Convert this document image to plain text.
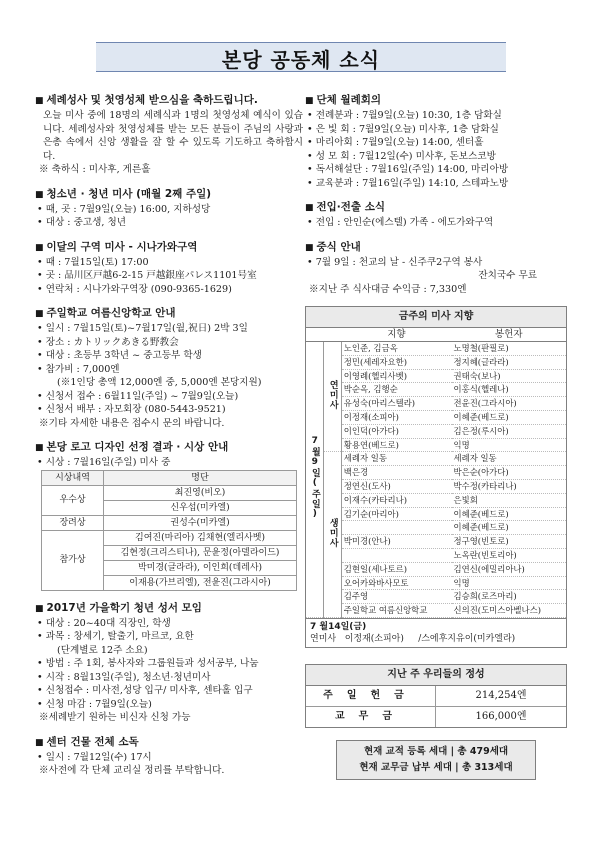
본당 공동체 소식
■ 세례성사 및 첫영성체 받으심을 축하드립니다.
오늘 미사 중에 18명의 세례식과 1명의 첫영성체 예식이 있습니다. 세례성사와 첫영성체를 받는 모든 분들이 주님의 사랑과 은총 속에서 신앙 생활을 잘 할 수 있도록 기도하고 축하합시다.
※ 축하식 : 미사후, 게른홀
■ 청소년 · 청년 미사 (매월 2째 주일)
• 때, 곳 : 7월9일(오늘) 16:00, 지하성당
• 대상 : 중고생, 청년
■ 이달의 구역 미사 - 시나가와구역
• 때 : 7월15일(토) 17:00
• 곳 : 品川区戸越6-2-15 戸越銀座パレス1101号室
• 연락처 : 시나가와구역장 (090-9365-1629)
■ 주일학교 여름신앙학교 안내
• 일시 : 7월15일(토)~7월17일(월,祝日) 2박 3일
• 장소 : カトリックあきる野教会
• 대상 : 초등부 3학년 ~ 중고등부 학생
• 참가비 : 7,000엔
(※1인당 총액 12,000엔 중, 5,000엔 본당지원)
• 신청서 접수 : 6월11일(주일) ~ 7월9일(오늘)
• 신청서 배부 : 자모회장 (080-5443-9521)
※기타 자세한 내용은 접수시 문의 바랍니다.
■ 본당 로고 디자인 선정 결과 · 시상 안내
• 시상 : 7월16일(주일) 미사 중
시상내역	명단
우수상	최진영(비오)
	신우섭(미카엘)
장려상	권성수(미카엘)
참가상	김여진(마리아) 김채현(엘리사벳)
	김현정(크리스티나), 문윤정(아델라이드)
	박미경(글라라), 이인희(데레사)
	이재용(가브리엘), 전윤진(그라시아)
■ 2017년 가을학기 청년 성서 모임
• 대상 : 20~40대 직장인, 학생
• 과목 : 창세기, 탈출기, 마르코, 요한
(단계별로 12주 소요)
• 방법 : 주 1회, 봉사자와 그룹원들과 성서공부, 나눔
• 시작 : 8월13일(주일), 청소년·청년미사
• 신청접수 : 미사전,성당 입구/ 미사후, 센타홀 입구
• 신청 마감 : 7월9일(오늘)
※세례받기 원하는 비신자 신청 가능
■ 센터 건물 전체 소독
• 일시 : 7월12일(수) 17시
※사전에 각 단체 교리실 정리를 부탁합니다.
■ 단체 월례회의
• 전례분과 : 7월9일(오늘) 10:30, 1층 담화실
• 은 빛 회 : 7월9일(오늘) 미사후, 1층 담화실
• 마리아회 : 7월9일(오늘) 14:00, 센터홀
• 성 모 회 : 7월12일(수) 미사후, 돈보스코방
• 독서해설단 : 7월16일(주일) 14:00, 마리아방
• 교육분과 : 7월16일(주일) 14:10, 스테파노방
■ 전입·전출 소식
• 전입 : 안인순(에스텔) 가족 - 에도가와구역
■ 중식 안내
• 7월 9일 : 천교의 날 - 신주쿠2구역 봉사
잔치국수 무료
※지난 주 식사대금 수익금 : 7,330엔
금주의 미사 지향
		지향	봉헌자
7월9일(주일)	연미사	노인준, 김금옥	노명철(판필로)
		정민(세레자요한)	정지혜(글라라)
		이영례(헬리사벳)	권태숙(보나)
		박순옥, 김행순	이홍식(헬레나)
		유성숙(마리스텔라)	전윤진(그라시아)
		이정재(소피아)	이혜준(베드로)
		이인덕(아가다)	김은정(루시아)
		황용연(베드로)	익명
	생미사	세례자 일동	세례자 일동
		백은경	박은순(아가다)
		정연신(도사)	박수정(카타리나)
		이재수(카타리나)	은빛회
		김기순(마리아)	이혜준(베드로)
			이혜준(베드로)
		박미경(안나)	정구영(빈토로)
			노옥란(빈토리아)
		김현일(세나토르)	김연신(에밀리아나)
		오어카와바사모토	익명
		김주영	김승희(로즈마리)
		주일학교 여름신앙학교	신의진(도미스아벨나스)
7 월14일(금)
연미사 이정재(소피아) /스에후지유이(미카엘라)
지난 주 우리들의 정성
주일헌금	214,254엔
교무금	166,000엔
현재 교적 등록 세대 | 총 479세대
현재 교무금 납부 세대 | 총 313세대
